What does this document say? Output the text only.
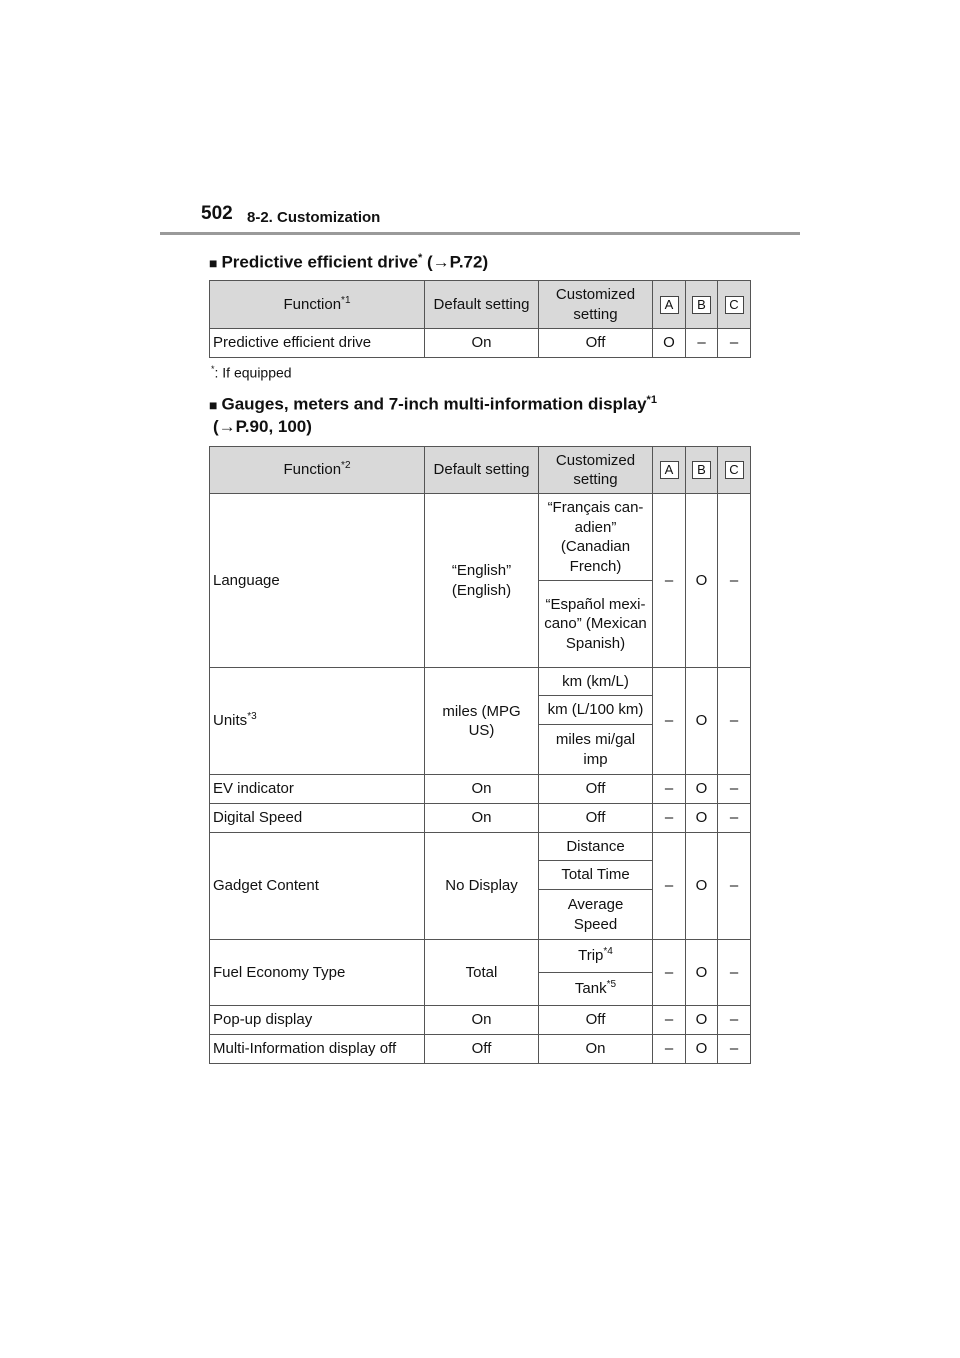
502 8-2. Customization
■ Predictive efficient drive* (→P.72)
Function$^{*1}$	Default setting	Customized setting	A	B	C
Predictive efficient drive	On	Off	O	–	–
*: If equipped
■ Gauges, meters and 7-inch multi-information display$^{*1}$
(→P.90, 100)
Function$^{*2}$	Default setting	Customized setting	A	B	C
Language	“English” (English)	“Français can-adien” (Canadian French)	–	O	–

		“Español mexi-cano” (Mexican Spanish)			

Units$^{*3}$	miles (MPG US)	km (km/L)	–	O	–
		km (L/100 km)			

		miles mi/gal imp			

EV indicator	On	Off	–	O	–
Digital Speed	On	Off	–	O	–
Gadget Content	No Display	Distance	–	O	–
		Total Time			

		Average Speed			

Fuel Economy Type	Total	Trip$^{*4}$	–	O	–
		Tank$^{*5}$
Pop-up display	On	Off	–	O	–
Multi-Information display off	Off	On	–	O	–
